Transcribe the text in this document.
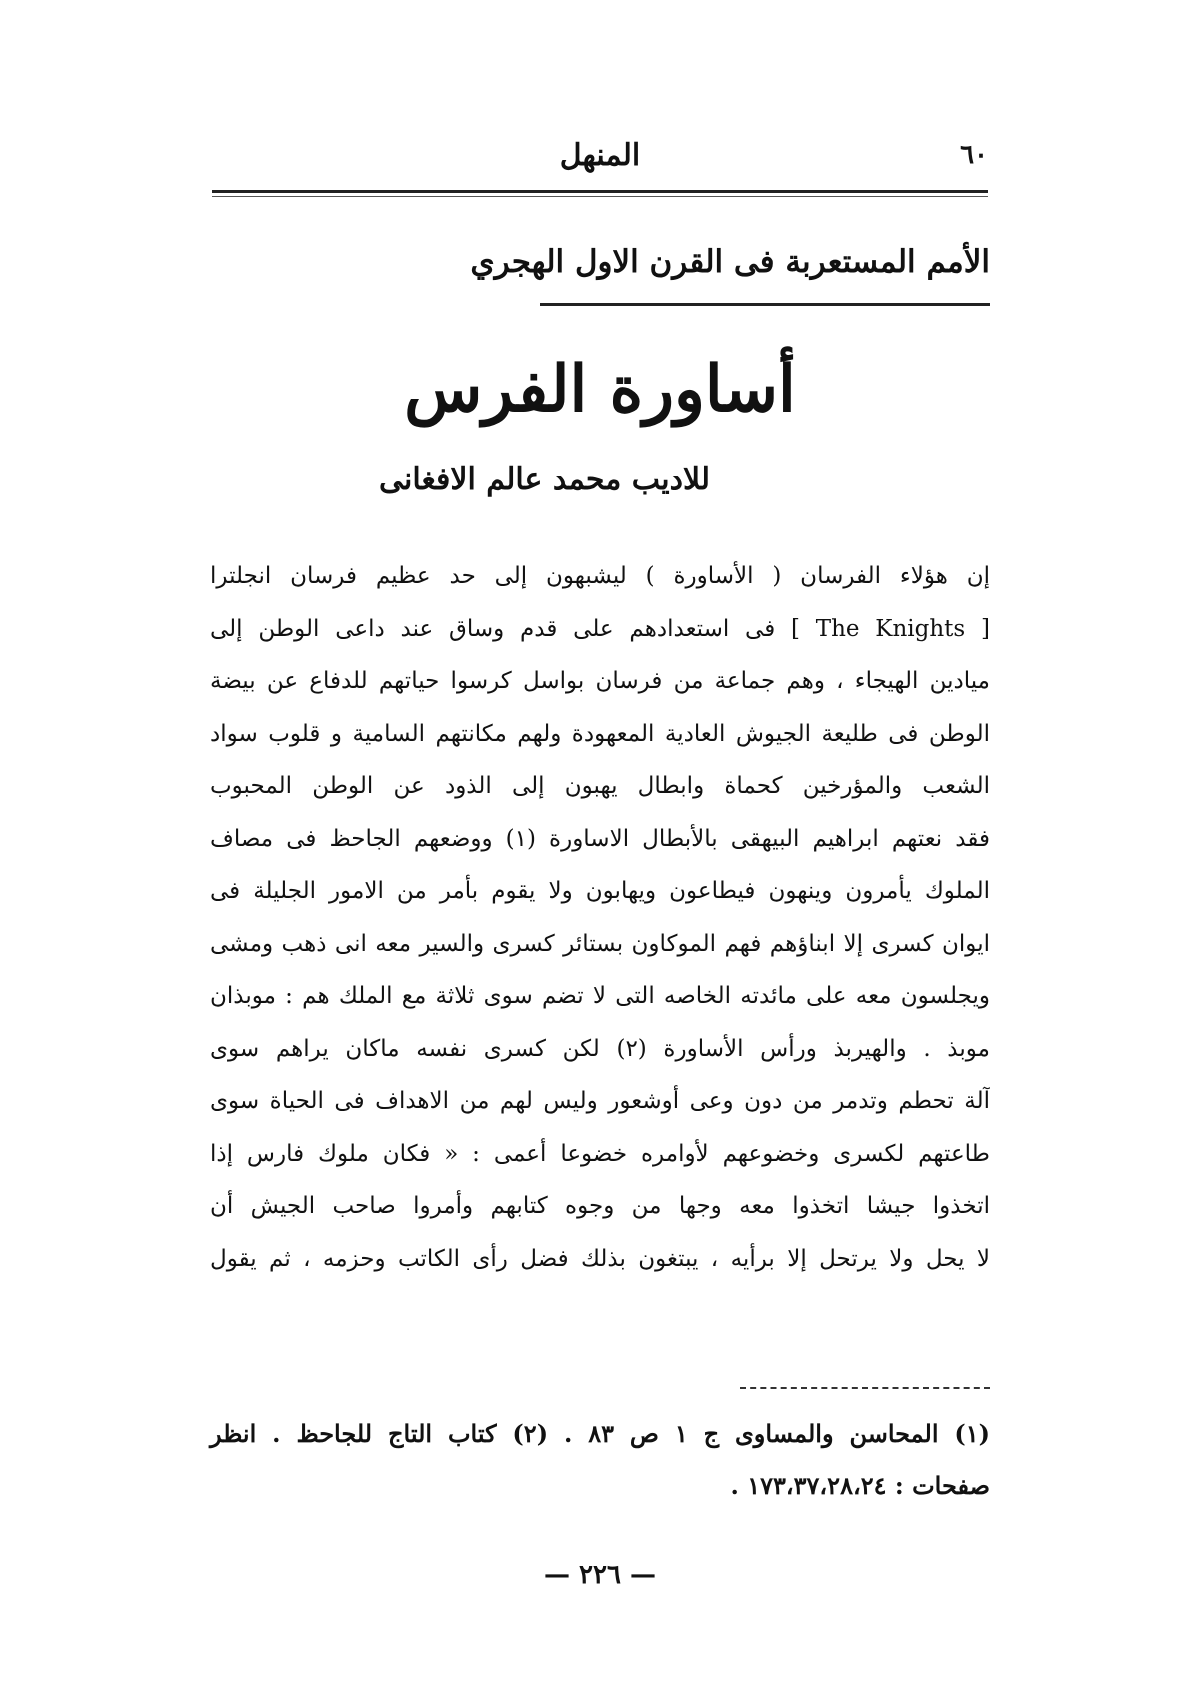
٦٠
المنهل
الأمم المستعربة فى القرن الاول الهجري
أساورة الفرس
للاديب محمد عالم الافغانى
إن هؤلاء الفرسان ( الأساورة ) ليشبهون إلى حد عظيم فرسان انجلترا
[ The Knights ] فى استعدادهم على قدم وساق عند داعى الوطن إلى
ميادين الهيجاء ، وهم جماعة من فرسان بواسل كرسوا حياتهم للدفاع عن بيضة
الوطن فى طليعة الجيوش العادية المعهودة ولهم مكانتهم السامية و قلوب سواد
الشعب والمؤرخين كحماة وابطال يهبون إلى الذود عن الوطن المحبوب
فقد نعتهم ابراهيم البيهقى بالأبطال الاساورة (١) ووضعهم الجاحظ فى مصاف
الملوك يأمرون وينهون فيطاعون ويهابون ولا يقوم بأمر من الامور الجليلة فى
ايوان كسرى إلا ابناؤهم فهم الموكاون بستائر كسرى والسير معه انى ذهب ومشى
ويجلسون معه على مائدته الخاصه التى لا تضم سوى ثلاثة مع الملك هم : موبذان
موبذ . والهيربذ ورأس الأساورة (٢) لكن كسرى نفسه ماكان يراهم سوى
آلة تحطم وتدمر من دون وعى أوشعور وليس لهم من الاهداف فى الحياة سوى
طاعتهم لكسرى وخضوعهم لأوامره خضوعا أعمى : « فكان ملوك فارس إذا
اتخذوا جيشا اتخذوا معه وجها من وجوه كتابهم وأمروا صاحب الجيش أن
لا يحل ولا يرتحل إلا برأيه ، يبتغون بذلك فضل رأى الكاتب وحزمه ، ثم يقول
(١) المحاسن والمساوى ج ١ ص ٨٣ . (٢) كتاب التاج للجاحظ . انظر
صفحات : ١٧٣،٣٧،٢٨،٢٤ .
— ٢٢٦ —
